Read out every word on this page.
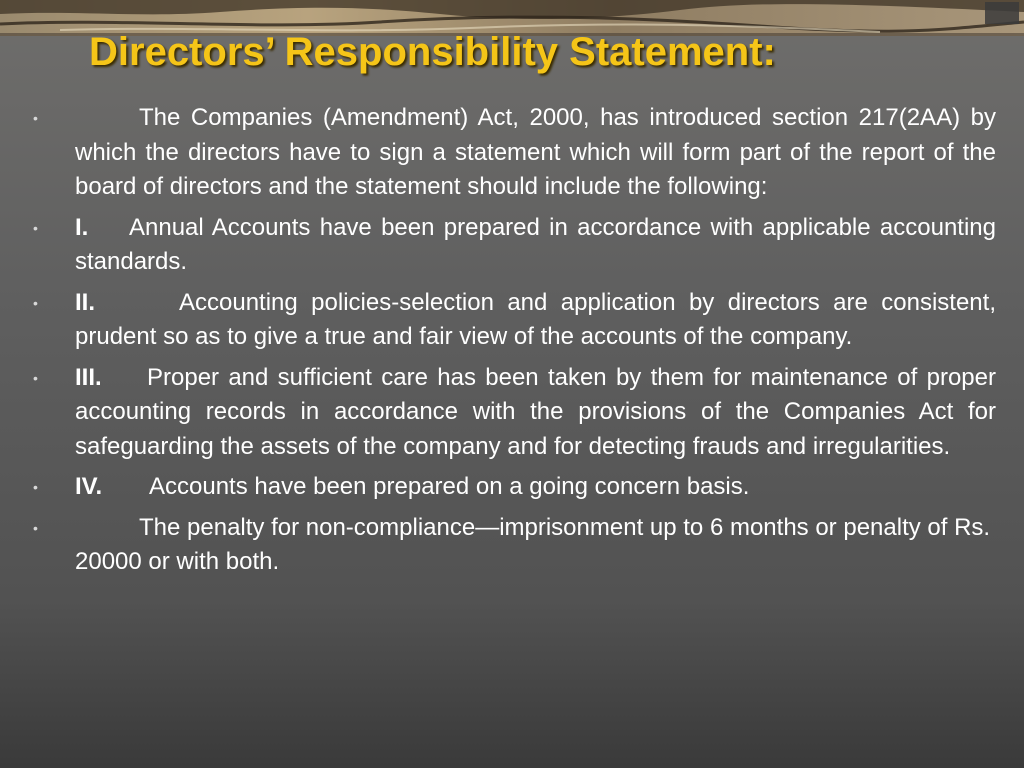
Directors’ Responsibility Statement:
•	The Companies (Amendment) Act, 2000, has introduced section 217(2AA) by which the directors have to sign a statement which will form part of the report of the board of directors and the statement should include the following:
• I. Annual Accounts have been prepared in accordance with applicable accounting standards.
• II.	Accounting policies-selection and application by directors are consistent, prudent so as to give a true and fair view of the accounts of the company.
• III. Proper and sufficient care has been taken by them for maintenance of proper accounting records in accordance with the provisions of the Companies Act for safeguarding the assets of the company and for detecting frauds and irregularities.
• IV. Accounts have been prepared on a going concern basis.
•	The penalty for non-compliance—imprisonment up to 6 months or penalty of Rs. 20000 or with both.
